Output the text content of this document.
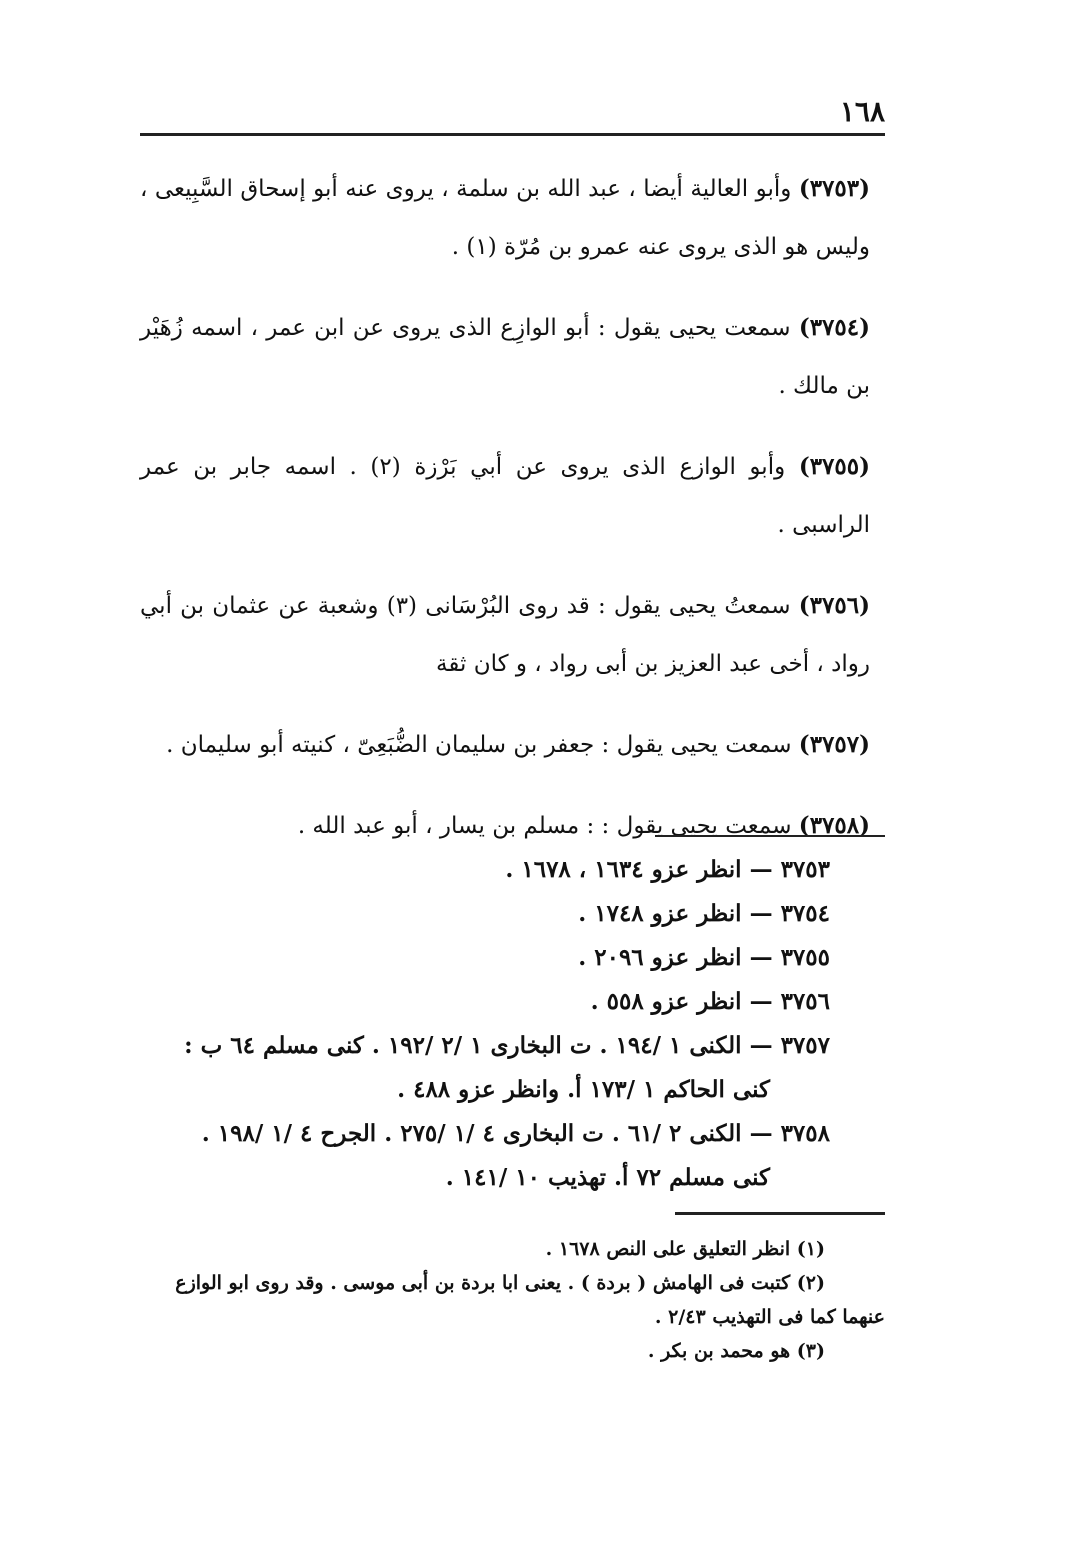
١٦٨

(٣٧٥٣) وأبو العالية أيضا ، عبد الله بن سلمة ، يروى عنه أبو إسحاق السَّبِيعى ، وليس هو الذى يروى عنه عمرو بن مُرّة (١) .

(٣٧٥٤) سمعت يحيى يقول : أبو الوازِع الذى يروى عن ابن عمر ، اسمه زُهَيْر بن مالك .

(٣٧٥٥) وأبو الوازع الذى يروى عن أبي بَرْزة (٢) . اسمه جابر بن عمر الراسبى .

(٣٧٥٦) سمعتُ يحيى يقول : قد روى البُرْسَانى (٣) وشعبة عن عثمان بن أبي رواد ، أخى عبد العزيز بن أبى رواد ، و كان ثقة

(٣٧٥٧) سمعت يحيى يقول : جعفر بن سليمان الضُّبَعِىّ ، كنيته أبو سليمان .

(٣٧٥٨) سمعت يحيى يقول : : مسلم بن يسار ، أبو عبد الله .

٣٧٥٣ — انظر عزو ١٦٣٤ ، ١٦٧٨ .
٣٧٥٤ — انظر عزو ١٧٤٨ .
٣٧٥٥ — انظر عزو ٢٠٩٦ .
٣٧٥٦ — انظر عزو ٥٥٨ .
٣٧٥٧ — الكنى ١ /١٩٤ . ت البخارى ١ /٢ /١٩٢ . كنى مسلم ٦٤ ب :
كنى الحاكم ١ /١٧٣ أ. وانظر عزو ٤٨٨ .
٣٧٥٨ — الكنى ٢ /٦١ . ت البخارى ٤ /١ /٢٧٥ . الجرح ٤ /١ /١٩٨ .
كنى مسلم ٧٢ أ. تهذيب ١٠ /١٤١ .
(١) انظر التعليق على النص ١٦٧٨ .
(٢) كتبت فى الهامش ( بردة ) . يعنى ابا بردة بن أبى موسى . وقد روى ابو الوازع عنهما كما فى التهذيب ٢/٤٣ .
(٣) هو محمد بن بكر .
